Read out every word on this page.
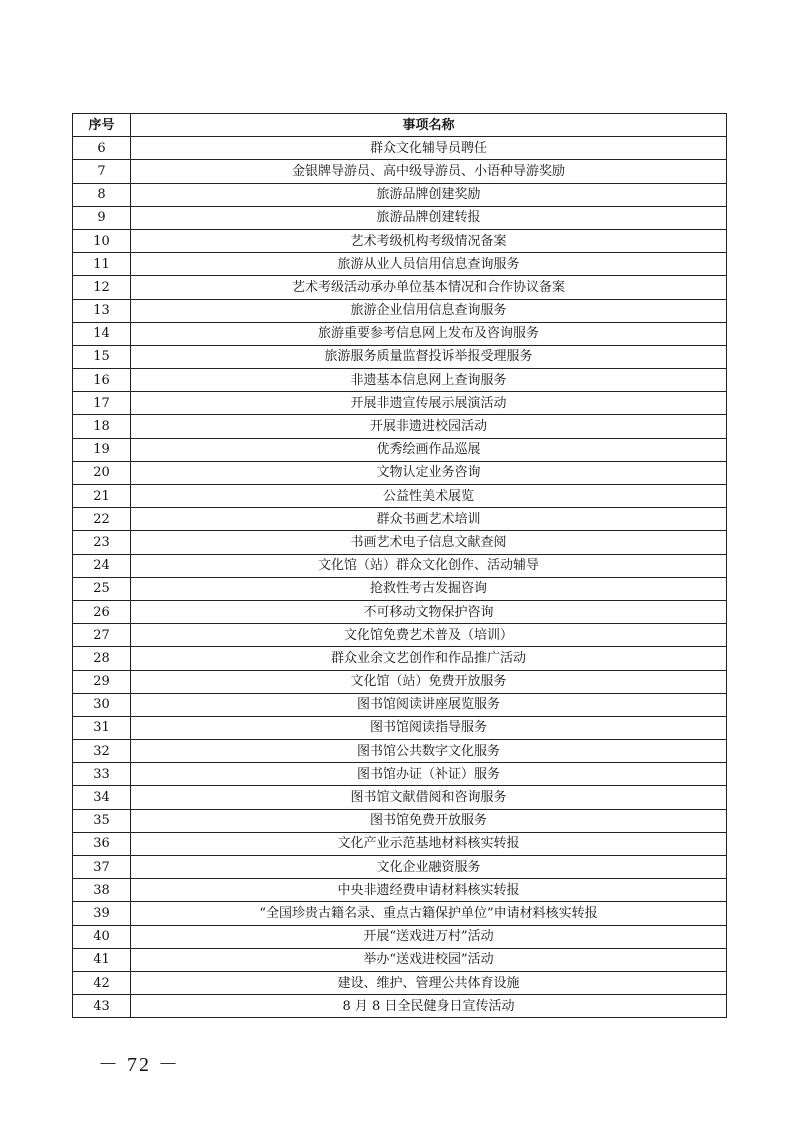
序号	事项名称
6	群众文化辅导员聘任
7	金银牌导游员、高中级导游员、小语种导游奖励
8	旅游品牌创建奖励
9	旅游品牌创建转报
10	艺术考级机构考级情况备案
11	旅游从业人员信用信息查询服务
12	艺术考级活动承办单位基本情况和合作协议备案
13	旅游企业信用信息查询服务
14	旅游重要参考信息网上发布及咨询服务
15	旅游服务质量监督投诉举报受理服务
16	非遗基本信息网上查询服务
17	开展非遗宣传展示展演活动
18	开展非遗进校园活动
19	优秀绘画作品巡展
20	文物认定业务咨询
21	公益性美术展览
22	群众书画艺术培训
23	书画艺术电子信息文献查阅
24	文化馆（站）群众文化创作、活动辅导
25	抢救性考古发掘咨询
26	不可移动文物保护咨询
27	文化馆免费艺术普及（培训）
28	群众业余文艺创作和作品推广活动
29	文化馆（站）免费开放服务
30	图书馆阅读讲座展览服务
31	图书馆阅读指导服务
32	图书馆公共数字文化服务
33	图书馆办证（补证）服务
34	图书馆文献借阅和咨询服务
35	图书馆免费开放服务
36	文化产业示范基地材料核实转报
37	文化企业融资服务
38	中央非遗经费申请材料核实转报
39	“全国珍贵古籍名录、重点古籍保护单位”申请材料核实转报
40	开展“送戏进万村”活动
41	举办“送戏进校园”活动
42	建设、维护、管理公共体育设施
43	8 月 8 日全民健身日宣传活动
－ 72 －
